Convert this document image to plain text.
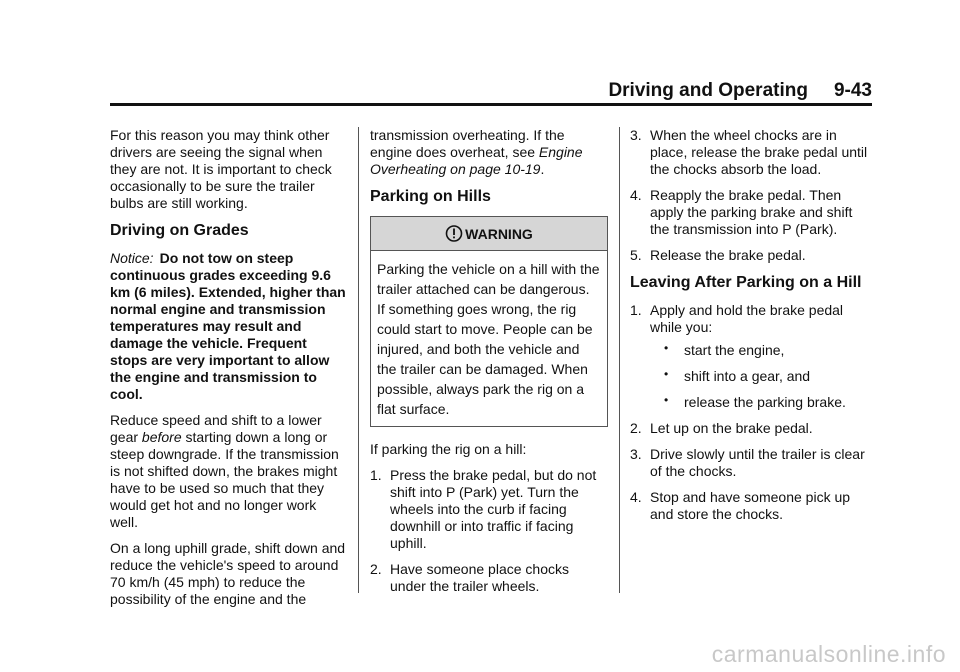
Driving and Operating 9-43

For this reason you may think other drivers are seeing the signal when they are not. It is important to check occasionally to be sure the trailer bulbs are still working.

Driving on Grades

Notice: Do not tow on steep continuous grades exceeding 9.6 km (6 miles). Extended, higher than normal engine and transmission temperatures may result and damage the vehicle. Frequent stops are very important to allow the engine and transmission to cool.

Reduce speed and shift to a lower gear before starting down a long or steep downgrade. If the transmission is not shifted down, the brakes might have to be used so much that they would get hot and no longer work well.

On a long uphill grade, shift down and reduce the vehicle's speed to around 70 km/h (45 mph) to reduce the possibility of the engine and the

transmission overheating. If the engine does overheat, see Engine Overheating on page 10-19.

Parking on Hills
WARNING
Parking the vehicle on a hill with the trailer attached can be dangerous. If something goes wrong, the rig could start to move. People can be injured, and both the vehicle and the trailer can be damaged. When possible, always park the rig on a flat surface.

If parking the rig on a hill:

1. Press the brake pedal, but do not shift into P (Park) yet. Turn the wheels into the curb if facing downhill or into traffic if facing uphill.
2. Have someone place chocks under the trailer wheels.
3. When the wheel chocks are in place, release the brake pedal until the chocks absorb the load.
4. Reapply the brake pedal. Then apply the parking brake and shift the transmission into P (Park).
5. Release the brake pedal.
Leaving After Parking on a Hill
1. Apply and hold the brake pedal while you:
• start the engine,
• shift into a gear, and
• release the parking brake.
2. Let up on the brake pedal.
3. Drive slowly until the trailer is clear of the chocks.
4. Stop and have someone pick up and store the chocks.
carmanualsonline.info
